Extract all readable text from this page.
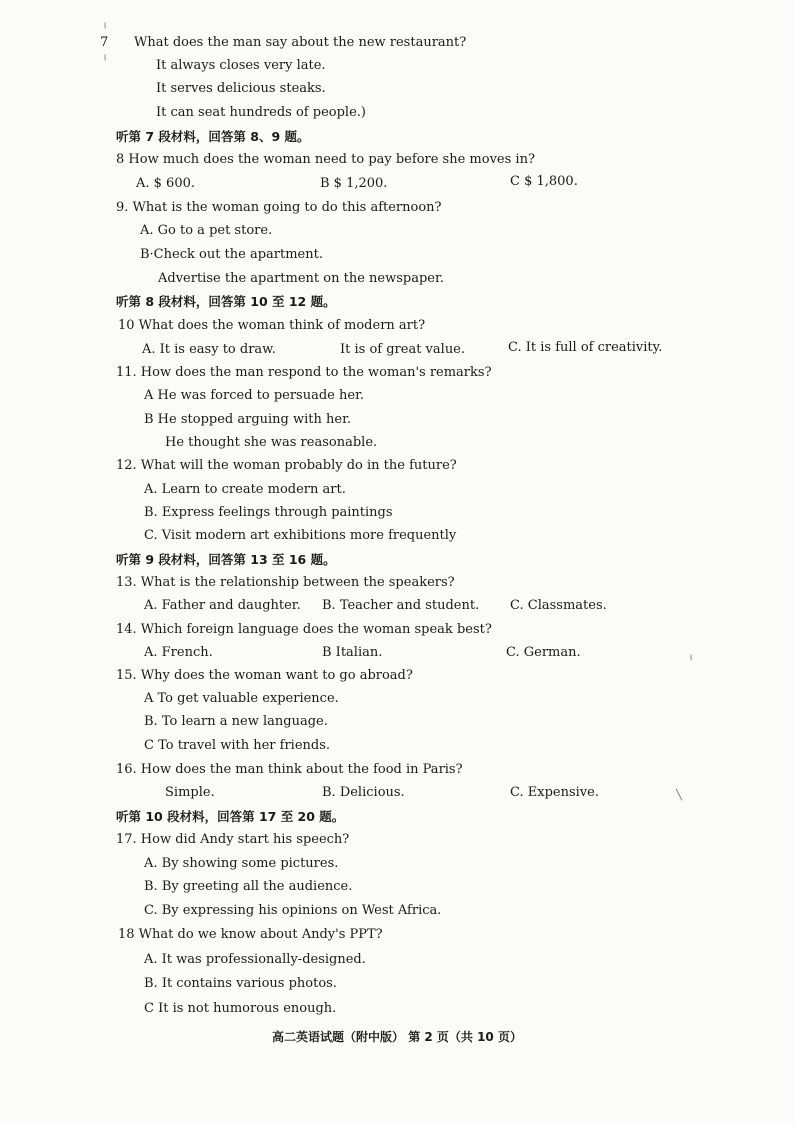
7 What does the man say about the new restaurant?
It always closes very late.
It serves delicious steaks.
It can seat hundreds of people.)
听第 7 段材料，回答第 8、9 题。
8 How much does the woman need to pay before she moves in?
A. $ 600.	B $ 1,200.	C $ 1,800.
9. What is the woman going to do this afternoon?
A. Go to a pet store.
B·Check out the apartment.
Advertise the apartment on the newspaper.
听第 8 段材料，回答第 10 至 12 题。
10 What does the woman think of modern art?
A. It is easy to draw.	It is of great value.	C. It is full of creativity.
11. How does the man respond to the woman's remarks?
A He was forced to persuade her.
B He stopped arguing with her.
He thought she was reasonable.
12. What will the woman probably do in the future?
A. Learn to create modern art.
B. Express feelings through paintings
C. Visit modern art exhibitions more frequently
听第 9 段材料，回答第 13 至 16 题。
13. What is the relationship between the speakers?
A. Father and daughter. B. Teacher and student. C. Classmates.
14. Which foreign language does the woman speak best?
A. French.	B Italian.	C. German.
15. Why does the woman want to go abroad?
A To get valuable experience.
B. To learn a new language.
C To travel with her friends.
16. How does the man think about the food in Paris?
Simple.	B. Delicious.	C. Expensive.
听第 10 段材料，回答第 17 至 20 题。
17. How did Andy start his speech?
A. By showing some pictures.
B. By greeting all the audience.
C. By expressing his opinions on West Africa.
18 What do we know about Andy's PPT?
A. It was professionally-designed.
B. It contains various photos.
C It is not humorous enough.
高二英语试题（附中版） 第 2 页（共 10 页）
╷
╷
╷
╲
